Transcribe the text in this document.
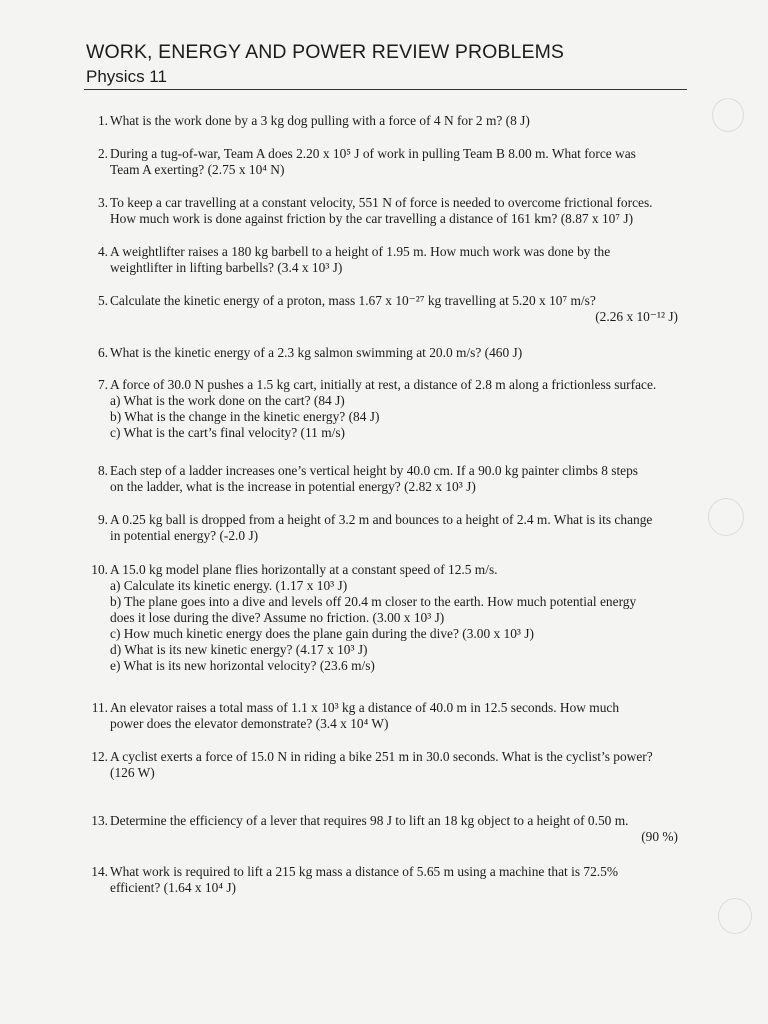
WORK, ENERGY AND POWER REVIEW PROBLEMS
Physics 11
1. What is the work done by a 3 kg dog pulling with a force of 4 N for 2 m? (8 J)
2. During a tug-of-war, Team A does 2.20 x 10⁵ J of work in pulling Team B 8.00 m. What force was
Team A exerting? (2.75 x 10⁴ N)
3. To keep a car travelling at a constant velocity, 551 N of force is needed to overcome frictional forces.
How much work is done against friction by the car travelling a distance of 161 km? (8.87 x 10⁷ J)
4. A weightlifter raises a 180 kg barbell to a height of 1.95 m. How much work was done by the
weightlifter in lifting barbells? (3.4 x 10³ J)
5. Calculate the kinetic energy of a proton, mass 1.67 x 10⁻²⁷ kg travelling at 5.20 x 10⁷ m/s?
(2.26 x 10⁻¹² J)
6. What is the kinetic energy of a 2.3 kg salmon swimming at 20.0 m/s? (460 J)
7. A force of 30.0 N pushes a 1.5 kg cart, initially at rest, a distance of 2.8 m along a frictionless surface.
a) What is the work done on the cart? (84 J)
b) What is the change in the kinetic energy? (84 J)
c) What is the cart’s final velocity? (11 m/s)
8. Each step of a ladder increases one’s vertical height by 40.0 cm. If a 90.0 kg painter climbs 8 steps
on the ladder, what is the increase in potential energy? (2.82 x 10³ J)
9. A 0.25 kg ball is dropped from a height of 3.2 m and bounces to a height of 2.4 m. What is its change
in potential energy? (-2.0 J)
10. A 15.0 kg model plane flies horizontally at a constant speed of 12.5 m/s.
a) Calculate its kinetic energy. (1.17 x 10³ J)
b) The plane goes into a dive and levels off 20.4 m closer to the earth. How much potential energy
does it lose during the dive? Assume no friction. (3.00 x 10³ J)
c) How much kinetic energy does the plane gain during the dive? (3.00 x 10³ J)
d) What is its new kinetic energy? (4.17 x 10³ J)
e) What is its new horizontal velocity? (23.6 m/s)
11. An elevator raises a total mass of 1.1 x 10³ kg a distance of 40.0 m in 12.5 seconds. How much
power does the elevator demonstrate? (3.4 x 10⁴ W)
12. A cyclist exerts a force of 15.0 N in riding a bike 251 m in 30.0 seconds. What is the cyclist’s power?
(126 W)
13. Determine the efficiency of a lever that requires 98 J to lift an 18 kg object to a height of 0.50 m.
(90 %)
14. What work is required to lift a 215 kg mass a distance of 5.65 m using a machine that is 72.5%
efficient? (1.64 x 10⁴ J)
